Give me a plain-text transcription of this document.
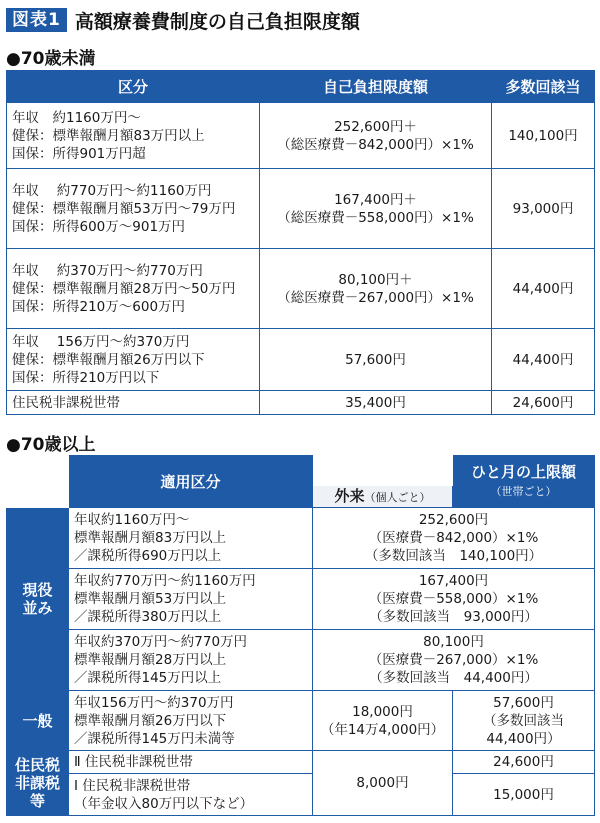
図表1 高額療養費制度の自己負担限度額
●70歳未満
区分	自己負担限度額	多数回該当
年収　約1160万円～
健保：標準報酬月額83万円以上
国保：所得901万円超	252,600円＋
（総医療費－842,000円）×1%	140,100円
年収　 約770万円～約1160万円
健保：標準報酬月額53万円～79万円
国保：所得600万～901万円	167,400円＋
（総医療費－558,000円）×1%	93,000円
年収　 約370万円～約770万円
健保：標準報酬月額28万円～50万円
国保：所得210万～600万円	80,100円＋
（総医療費－267,000円）×1%	44,400円
年収　 156万円～約370万円
健保：標準報酬月額26万円以下
国保：所得210万円以下	57,600円	44,400円
住民税非課税世帯	35,400円	24,600円
●70歳以上
	適用区分		ひと月の上限額
（世帯ごと）
		外来（個人ごと）	
現役
並み	年収約1160万円～
標準報酬月額83万円以上
／課税所得690万円以上	252,600円
（医療費－842,000）×1%
（多数回該当　140,100円）	
	年収約770万円～約1160万円
標準報酬月額53万円以上
／課税所得380万円以上	167,400円
（医療費－558,000）×1%
（多数回該当　93,000円）	
	年収約370万円～約770万円
標準報酬月額28万円以上
／課税所得145万円以上	80,100円
（医療費－267,000）×1%
（多数回該当　44,400円）	
一般	年収156万円～約370万円
標準報酬月額26万円以下
／課税所得145万円未満等	18,000円
（年14万4,000円）	57,600円
（多数回該当
44,400円）
住民税
非課税
等	Ⅱ 住民税非課税世帯	8,000円	24,600円
	Ⅰ 住民税非課税世帯
（年金収入80万円以下など）		15,000円
